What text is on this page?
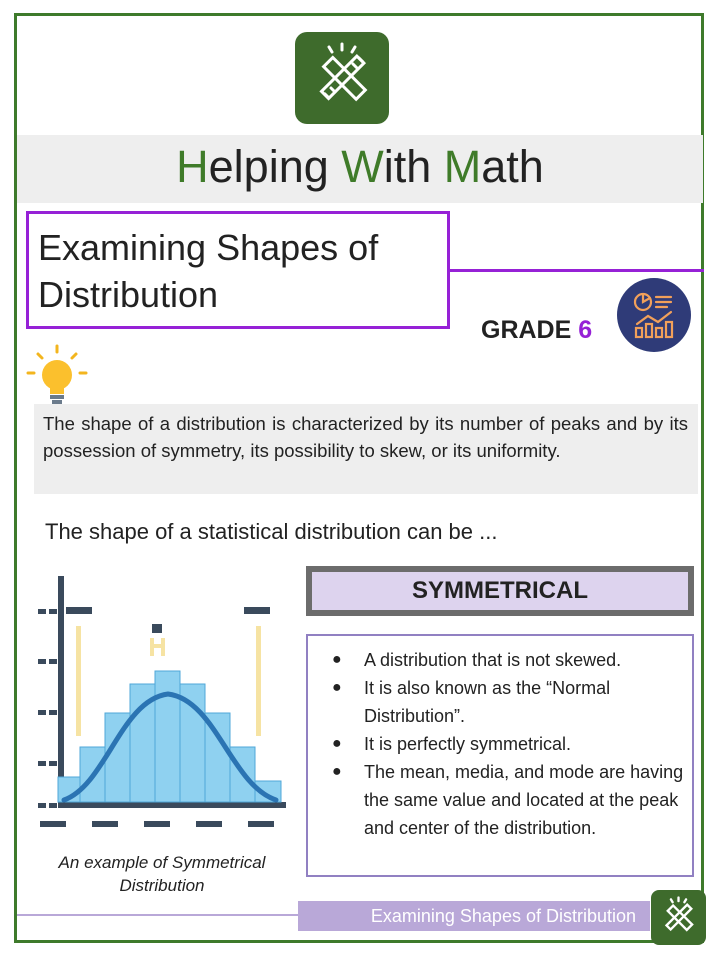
Helping With Math
Examining Shapes of Distribution
GRADE 6
The shape of a distribution is characterized by its number of peaks and by its possession of symmetry, its possibility to skew, or its uniformity.
The shape of a statistical distribution can be ...
An example of Symmetrical Distribution
SYMMETRICAL
● A distribution that is not skewed.
● It is also known as the “Normal Distribution”.
● It is perfectly symmetrical.
● The mean, media, and mode are having the same value and located at the peak and center of the distribution.
Examining Shapes of Distribution
